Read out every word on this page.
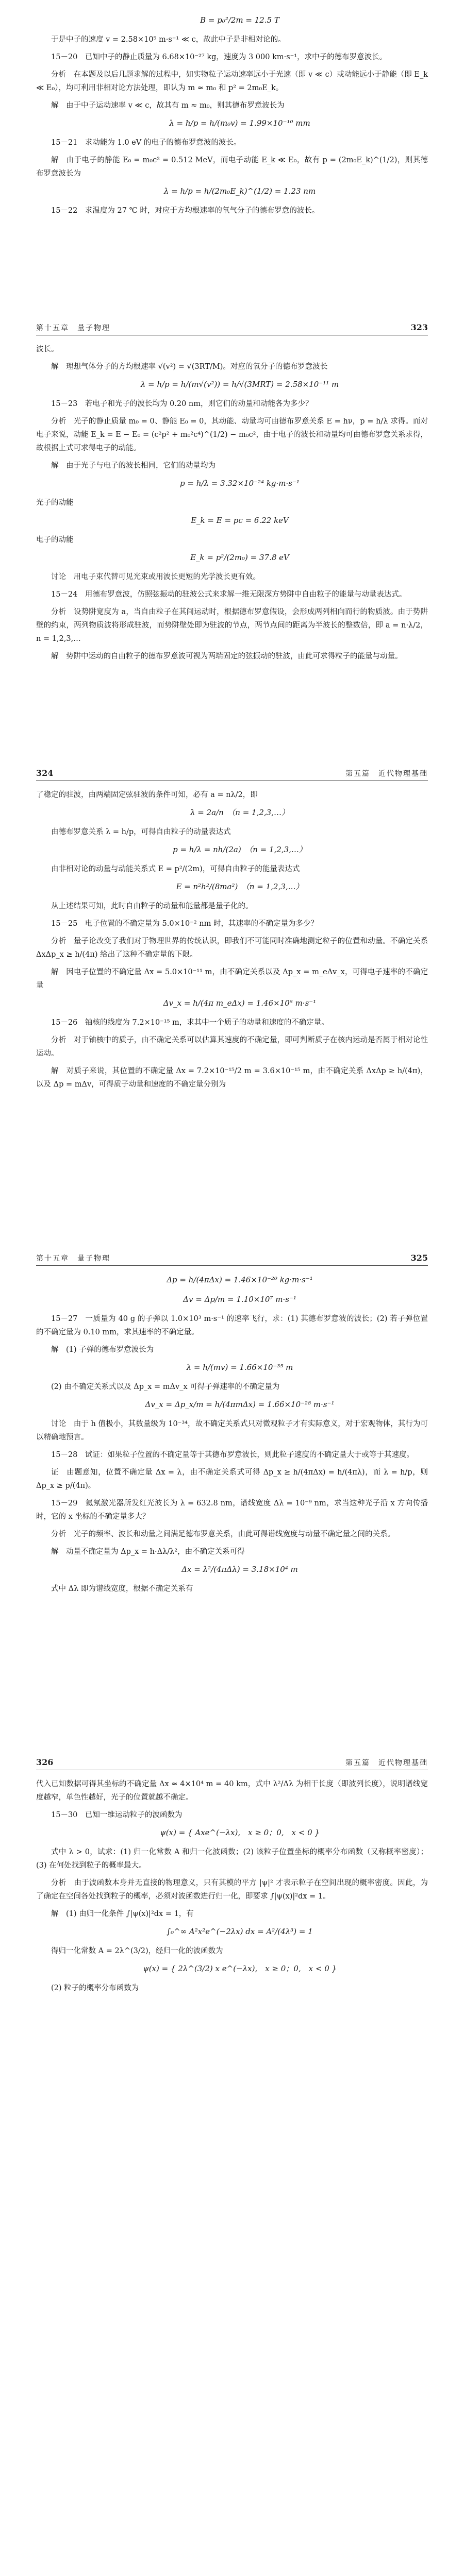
B = p₀²/2m = 12.5 T

于是中子的速度 v = 2.58×10⁵ m·s⁻¹ ≪ c，故此中子是非相对论的。

15－20　已知中子的静止质量为 6.68×10⁻²⁷ kg，速度为 3 000 km·s⁻¹，求中子的德布罗意波长。

分析　在本题及以后几题求解的过程中，如实物粒子运动速率远小于光速（即 v ≪ c）或动能远小于静能（即 E_k ≪ E₀），均可利用非相对论方法处理，即认为 m ≈ m₀ 和 p² = 2m₀E_k。

解　由于中子运动速率 v ≪ c，故其有 m ≈ m₀，则其德布罗意波长为

λ = h/p = h/(m₀v) = 1.99×10⁻¹⁰ mm

15－21　求动能为 1.0 eV 的电子的德布罗意波的波长。

解　由于电子的静能 E₀ = m₀c² = 0.512 MeV，而电子动能 E_k ≪ E₀，故有 p = (2m₀E_k)^(1/2)，则其德布罗意波长为

λ = h/p = h/(2m₀E_k)^(1/2) = 1.23 nm

15－22　求温度为 27 ℃ 时，对应于方均根速率的氧气分子的德布罗意的波长。

第十五章　量子物理	323

波长。

解　理想气体分子的方均根速率 √(v²) = √(3RT/M)。对应的氧分子的德布罗意波长

λ = h/p = h/(m√(v²)) = h/√(3MRT) = 2.58×10⁻¹¹ m

15－23　若电子和光子的波长均为 0.20 nm，则它们的动量和动能各为多少？

分析　光子的静止质量 m₀ = 0、静能 E₀ = 0，其动能、动量均可由德布罗意关系 E = hν，p = h/λ 求得。而对电子来说，动能 E_k = E − E₀ = (c²p² + m₀²c⁴)^(1/2) − m₀c²，由于电子的波长和动量均可由德布罗意关系求得，故根据上式可求得电子的动能。

解　由于光子与电子的波长相同，它们的动量均为

p = h/λ = 3.32×10⁻²⁴ kg·m·s⁻¹

光子的动能

E_k = E = pc = 6.22 keV

电子的动能

E_k = p²/(2m₀) = 37.8 eV

讨论　用电子束代替可见光束或用波长更短的光学波长更有效。

15－24　用德布罗意波，仿照弦振动的驻波公式来求解一维无限深方势阱中自由粒子的能量与动量表达式。

分析　设势阱宽度为 a，当自由粒子在其间运动时，根据德布罗意假设，会形成两列相向而行的物质波。由于势阱壁的约束，两列物质波将形成驻波，而势阱壁处即为驻波的节点，两节点间的距离为半波长的整数倍，即 a = n·λ/2，n = 1,2,3,…

解　势阱中运动的自由粒子的德布罗意波可视为两端固定的弦振动的驻波，由此可求得粒子的能量与动量。

324	第五篇　近代物理基础

了稳定的驻波，由两端固定弦驻波的条件可知，必有 a = nλ/2，即

λ = 2a/n　（n = 1,2,3,…）

由德布罗意关系 λ = h/p，可得自由粒子的动量表达式

p = h/λ = nh/(2a)　（n = 1,2,3,…）

由非相对论的动量与动能关系式 E = p²/(2m)，可得自由粒子的能量表达式

E = n²h²/(8ma²)　（n = 1,2,3,…）

从上述结果可知，此时自由粒子的动量和能量都是量子化的。

15－25　电子位置的不确定量为 5.0×10⁻² nm 时，其速率的不确定量为多少？

分析　量子论改变了我们对于物理世界的传统认识，即我们不可能同时准确地测定粒子的位置和动量。不确定关系 ΔxΔp_x ≥ h/(4π) 给出了这种不确定量的下限。

解　因电子位置的不确定量 Δx = 5.0×10⁻¹¹ m，由不确定关系以及 Δp_x = m_eΔv_x，可得电子速率的不确定量

Δv_x = h/(4π m_eΔx) = 1.46×10⁶ m·s⁻¹

15－26　铀核的线度为 7.2×10⁻¹⁵ m，求其中一个质子的动量和速度的不确定量。

分析　对于铀核中的质子，由不确定关系可以估算其速度的不确定量，即可判断质子在核内运动是否属于相对论性运动。

解　对质子来说，其位置的不确定量 Δx = 7.2×10⁻¹⁵/2 m = 3.6×10⁻¹⁵ m，由不确定关系 ΔxΔp ≥ h/(4π)，以及 Δp = mΔv，可得质子动量和速度的不确定量分别为

第十五章　量子物理	325

Δp = h/(4πΔx) = 1.46×10⁻²⁰ kg·m·s⁻¹

Δv = Δp/m = 1.10×10⁷ m·s⁻¹

15－27　一质量为 40 g 的子弹以 1.0×10³ m·s⁻¹ 的速率飞行，求：(1) 其德布罗意波的波长；(2) 若子弹位置的不确定量为 0.10 mm，求其速率的不确定量。

解　(1) 子弹的德布罗意波长为

λ = h/(mv) = 1.66×10⁻³⁵ m

(2) 由不确定关系式以及 Δp_x = mΔv_x 可得子弹速率的不确定量为

Δv_x = Δp_x/m = h/(4πmΔx) = 1.66×10⁻²⁸ m·s⁻¹

讨论　由于 h 值极小，其数量级为 10⁻³⁴，故不确定关系式只对微观粒子才有实际意义，对于宏观物体，其行为可以精确地预言。

15－28　试证：如果粒子位置的不确定量等于其德布罗意波长，则此粒子速度的不确定量大于或等于其速度。

证　由题意知，位置不确定量 Δx = λ，由不确定关系式可得 Δp_x ≥ h/(4πΔx) = h/(4πλ)，而 λ = h/p，则 Δp_x ≥ p/(4π)。

15－29　氦氖激光器所发红光波长为 λ = 632.8 nm，谱线宽度 Δλ = 10⁻⁹ nm，求当这种光子沿 x 方向传播时，它的 x 坐标的不确定量多大？

分析　光子的频率、波长和动量之间满足德布罗意关系，由此可得谱线宽度与动量不确定量之间的关系。

解　动量不确定量为 Δp_x = h·Δλ/λ²，由不确定关系可得

Δx = λ²/(4πΔλ) = 3.18×10⁴ m

式中 Δλ 即为谱线宽度，根据不确定关系有

326	第五篇　近代物理基础

代入已知数据可得其坐标的不确定量 Δx ≈ 4×10⁴ m = 40 km，式中 λ²/Δλ 为相干长度（即波列长度），说明谱线宽度越窄，单色性越好，光子的位置就越不确定。

15－30　已知一维运动粒子的波函数为

ψ(x) = { Axe^(−λx),　x ≥ 0；0,　x < 0 }

式中 λ > 0，试求：(1) 归一化常数 A 和归一化波函数；(2) 该粒子位置坐标的概率分布函数（又称概率密度）；(3) 在何处找到粒子的概率最大。

分析　由于波函数本身并无直接的物理意义，只有其模的平方 |ψ|² 才表示粒子在空间出现的概率密度。因此，为了确定在空间各处找到粒子的概率，必须对波函数进行归一化，即要求 ∫|ψ(x)|²dx = 1。

解　(1) 由归一化条件 ∫|ψ(x)|²dx = 1，有

∫₀^∞ A²x²e^(−2λx) dx = A²/(4λ³) = 1

得归一化常数 A = 2λ^(3/2)，经归一化的波函数为

ψ(x) = { 2λ^(3/2) x e^(−λx),　x ≥ 0；0,　x < 0 }

(2) 粒子的概率分布函数为
